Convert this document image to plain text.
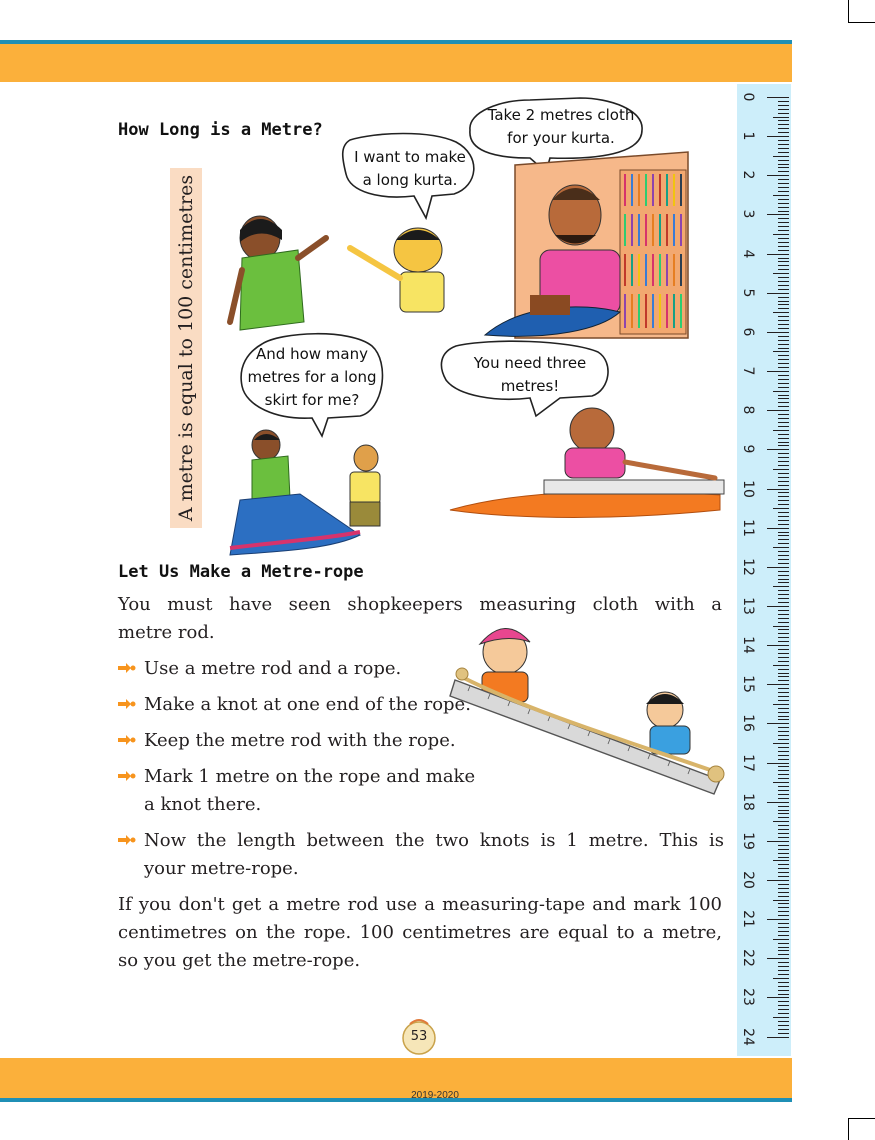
0
1
2
3
4
5
6
7
8
9
10
11
12
13
14
15
16
17
18
19
20
21
22
23
24
How Long is a Metre?
A metre is equal to 100 centimetres
Take 2 metres cloth
for your kurta.
I want to make
a long kurta.
And how many
metres for a long
skirt for me?
You need three
metres!
Let Us Make a Metre-rope
You must have seen shopkeepers measuring cloth with a
metre rod.
Use a metre rod and a rope.
Make a knot at one end of the rope.
Keep the metre rod with the rope.
Mark 1 metre on the rope and make
a knot there.
Now the length between the two knots is 1 metre. This is
your metre-rope.
If you don't get a metre rod use a measuring-tape and mark 100
centimetres on the rope. 100 centimetres are equal to a metre,
so you get the metre-rope.
53
2019-2020
